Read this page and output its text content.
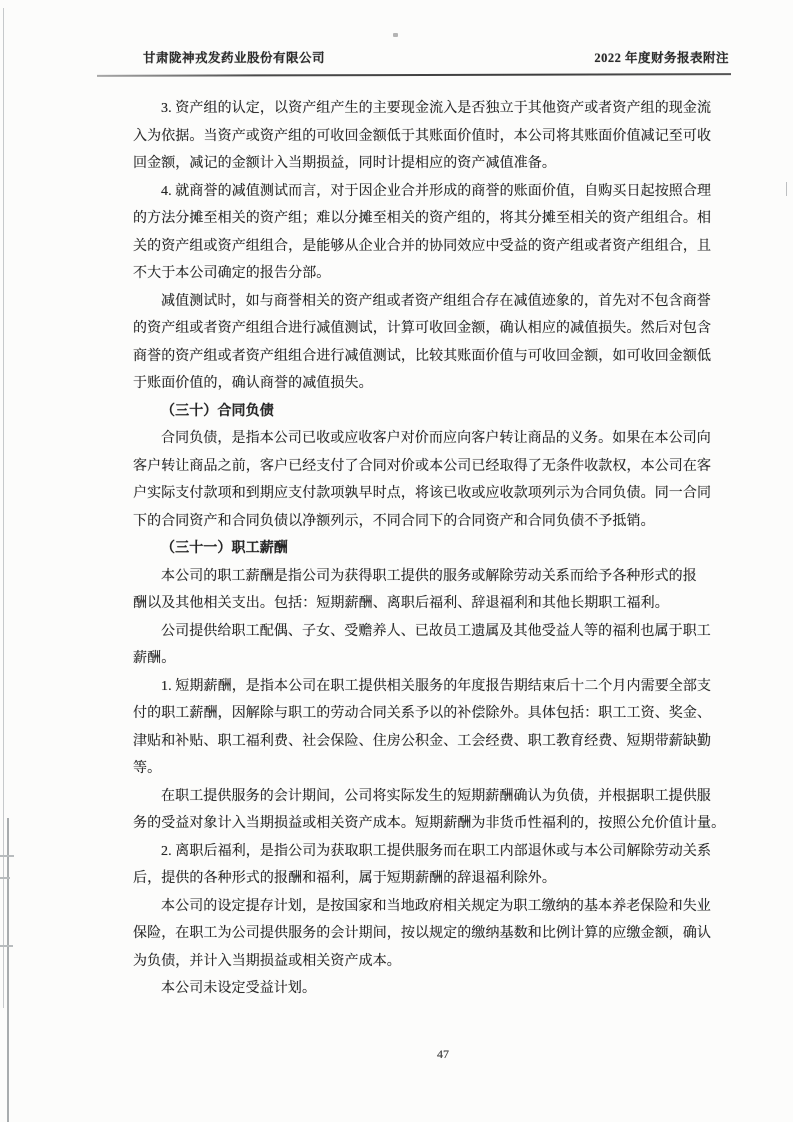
甘肃陇神戎发药业股份有限公司	2022 年度财务报表附注
3. 资产组的认定，以资产组产生的主要现金流入是否独立于其他资产或者资产组的现金流
入为依据。当资产或资产组的可收回金额低于其账面价值时，本公司将其账面价值减记至可收
回金额，减记的金额计入当期损益，同时计提相应的资产减值准备。
4. 就商誉的减值测试而言，对于因企业合并形成的商誉的账面价值，自购买日起按照合理
的方法分摊至相关的资产组；难以分摊至相关的资产组的，将其分摊至相关的资产组组合。相
关的资产组或资产组组合，是能够从企业合并的协同效应中受益的资产组或者资产组组合，且
不大于本公司确定的报告分部。
减值测试时，如与商誉相关的资产组或者资产组组合存在减值迹象的，首先对不包含商誉
的资产组或者资产组组合进行减值测试，计算可收回金额，确认相应的减值损失。然后对包含
商誉的资产组或者资产组组合进行减值测试，比较其账面价值与可收回金额，如可收回金额低
于账面价值的，确认商誉的减值损失。
（三十）合同负债
合同负债，是指本公司已收或应收客户对价而应向客户转让商品的义务。如果在本公司向
客户转让商品之前，客户已经支付了合同对价或本公司已经取得了无条件收款权，本公司在客
户实际支付款项和到期应支付款项孰早时点，将该已收或应收款项列示为合同负债。同一合同
下的合同资产和合同负债以净额列示，不同合同下的合同资产和合同负债不予抵销。
（三十一）职工薪酬
本公司的职工薪酬是指公司为获得职工提供的服务或解除劳动关系而给予各种形式的报
酬以及其他相关支出。包括：短期薪酬、离职后福利、辞退福利和其他长期职工福利。
公司提供给职工配偶、子女、受赡养人、已故员工遗属及其他受益人等的福利也属于职工
薪酬。
1. 短期薪酬，是指本公司在职工提供相关服务的年度报告期结束后十二个月内需要全部支
付的职工薪酬，因解除与职工的劳动合同关系予以的补偿除外。具体包括：职工工资、奖金、
津贴和补贴、职工福利费、社会保险、住房公积金、工会经费、职工教育经费、短期带薪缺勤
等。
在职工提供服务的会计期间，公司将实际发生的短期薪酬确认为负债，并根据职工提供服
务的受益对象计入当期损益或相关资产成本。短期薪酬为非货币性福利的，按照公允价值计量。
2. 离职后福利，是指公司为获取职工提供服务而在职工内部退休或与本公司解除劳动关系
后，提供的各种形式的报酬和福利，属于短期薪酬的辞退福利除外。
本公司的设定提存计划，是按国家和当地政府相关规定为职工缴纳的基本养老保险和失业
保险，在职工为公司提供服务的会计期间，按以规定的缴纳基数和比例计算的应缴金额，确认
为负债，并计入当期损益或相关资产成本。
本公司未设定受益计划。
47
